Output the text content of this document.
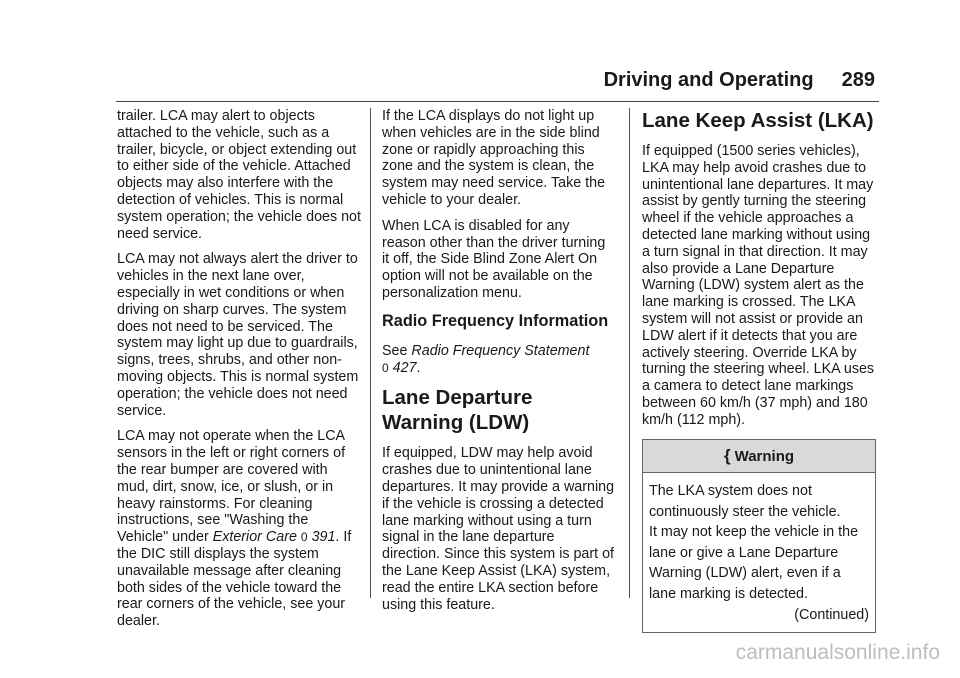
Driving and Operating 289

trailer. LCA may alert to objects attached to the vehicle, such as a trailer, bicycle, or object extending out to either side of the vehicle. Attached objects may also interfere with the detection of vehicles. This is normal system operation; the vehicle does not need service.

LCA may not always alert the driver to vehicles in the next lane over, especially in wet conditions or when driving on sharp curves. The system does not need to be serviced. The system may light up due to guardrails, signs, trees, shrubs, and other non-moving objects. This is normal system operation; the vehicle does not need service.

LCA may not operate when the LCA sensors in the left or right corners of the rear bumper are covered with mud, dirt, snow, ice, or slush, or in heavy rainstorms. For cleaning instructions, see "Washing the Vehicle" under Exterior Care 0 391. If the DIC still displays the system unavailable message after cleaning both sides of the vehicle toward the rear corners of the vehicle, see your dealer.

If the LCA displays do not light up when vehicles are in the side blind zone or rapidly approaching this zone and the system is clean, the system may need service. Take the vehicle to your dealer.

When LCA is disabled for any reason other than the driver turning it off, the Side Blind Zone Alert On option will not be available on the personalization menu.

Radio Frequency Information

See Radio Frequency Statement
0 427.

Lane Departure
Warning (LDW)

If equipped, LDW may help avoid crashes due to unintentional lane departures. It may provide a warning if the vehicle is crossing a detected lane marking without using a turn signal in the lane departure direction. Since this system is part of the Lane Keep Assist (LKA) system, read the entire LKA section before using this feature.

Lane Keep Assist (LKA)

If equipped (1500 series vehicles), LKA may help avoid crashes due to unintentional lane departures. It may assist by gently turning the steering wheel if the vehicle approaches a detected lane marking without using a turn signal in that direction. It may also provide a Lane Departure Warning (LDW) system alert as the lane marking is crossed. The LKA system will not assist or provide an LDW alert if it detects that you are actively steering. Override LKA by turning the steering wheel. LKA uses a camera to detect lane markings between 60 km/h (37 mph) and 180 km/h (112 mph).

{ Warning
The LKA system does not
continuously steer the vehicle.
It may not keep the vehicle in the
lane or give a Lane Departure
Warning (LDW) alert, even if a
lane marking is detected.
(Continued)
carmanualsonline.info
